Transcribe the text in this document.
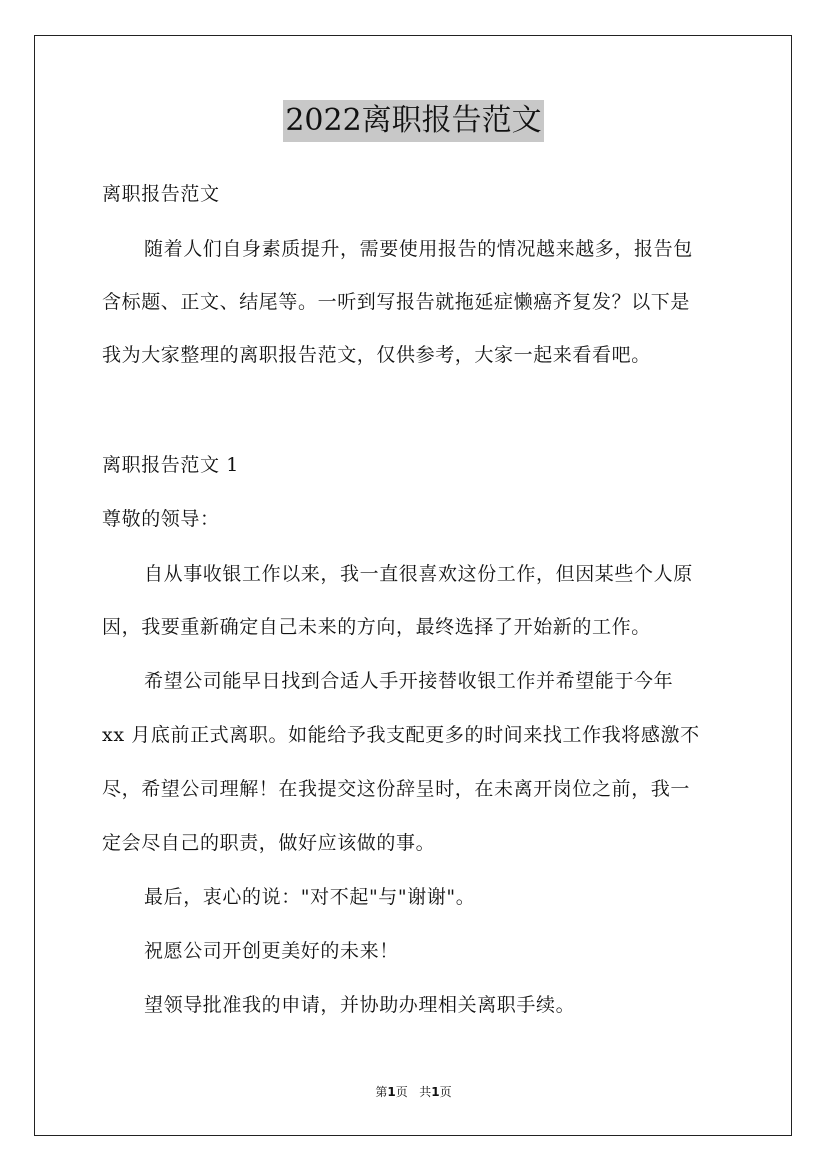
2022离职报告范文
离职报告范文
随着人们自身素质提升，需要使用报告的情况越来越多，报告包
含标题、正文、结尾等。一听到写报告就拖延症懒癌齐复发？以下是
我为大家整理的离职报告范文，仅供参考，大家一起来看看吧。
离职报告范文 1
尊敬的领导：
自从事收银工作以来，我一直很喜欢这份工作，但因某些个人原
因，我要重新确定自己未来的方向，最终选择了开始新的工作。
希望公司能早日找到合适人手开接替收银工作并希望能于今年
xx 月底前正式离职。如能给予我支配更多的时间来找工作我将感激不
尽，希望公司理解！在我提交这份辞呈时，在未离开岗位之前，我一
定会尽自己的职责，做好应该做的事。
最后，衷心的说："对不起"与"谢谢"。
祝愿公司开创更美好的未来！
望领导批准我的申请，并协助办理相关离职手续。
第1页 共1页
